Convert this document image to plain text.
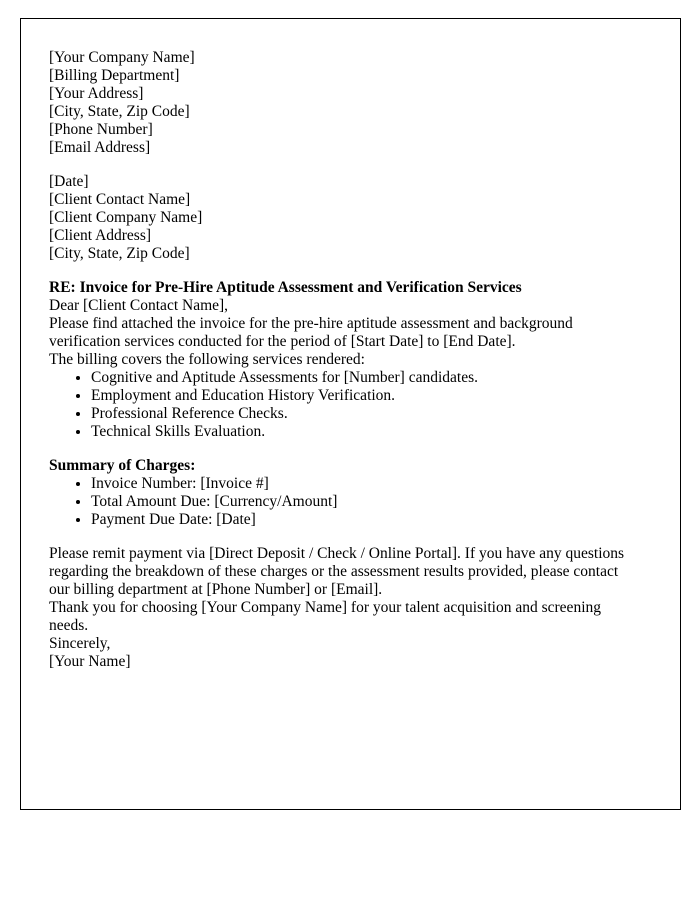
[Your Company Name]
[Billing Department]
[Your Address]
[City, State, Zip Code]
[Phone Number]
[Email Address]

[Date]

[Client Contact Name]
[Client Company Name]
[Client Address]
[City, State, Zip Code]

RE: Invoice for Pre-Hire Aptitude Assessment and Verification Services

Dear [Client Contact Name],

Please find attached the invoice for the pre-hire aptitude assessment and background verification services conducted for the period of [Start Date] to [End Date].

The billing covers the following services rendered:

• Cognitive and Aptitude Assessments for [Number] candidates.
• Employment and Education History Verification.
• Professional Reference Checks.
• Technical Skills Evaluation.

Summary of Charges:

• Invoice Number: [Invoice #]
• Total Amount Due: [Currency/Amount]
• Payment Due Date: [Date]

Please remit payment via [Direct Deposit / Check / Online Portal]. If you have any questions regarding the breakdown of these charges or the assessment results provided, please contact our billing department at [Phone Number] or [Email].

Thank you for choosing [Your Company Name] for your talent acquisition and screening needs.

Sincerely,

[Your Name]
